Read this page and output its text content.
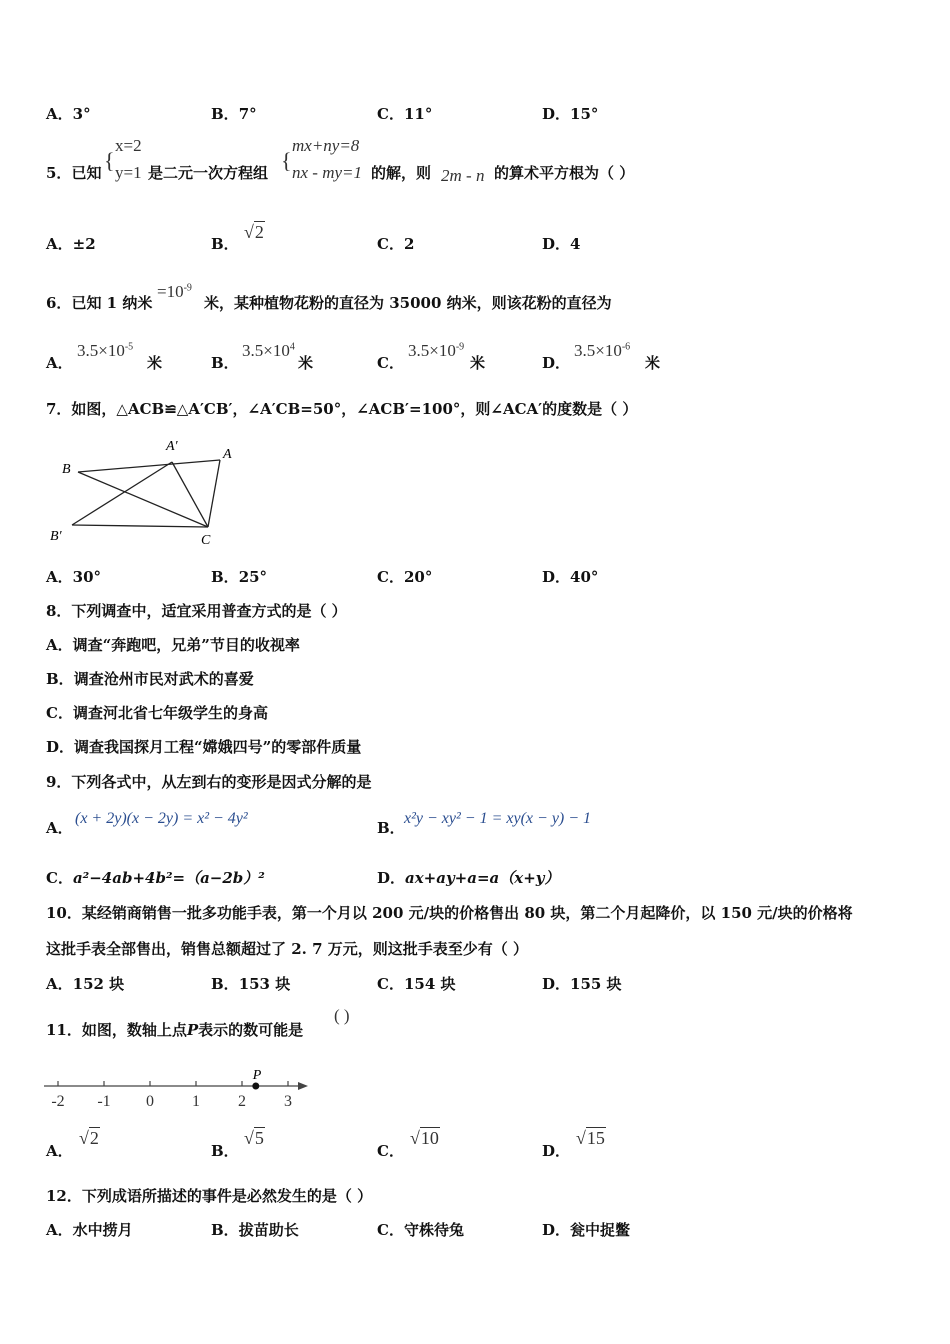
A．3°	B．7°	C．11°	D．15°
5．已知 {
x=2
y=1 是二元一次方程组 {
mx+ny=8
nx - my=1 的解，则 2m - n 的算术平方根为（ ）
A．±2	B．
√2
C．2	D．4
6．已知 1 纳米
$=10^{-9}$
米，某种植物花粉的直径为 35000 纳米，则该花粉的直径为
A．
$3.5\times 10^{-5}$
米	B．
$3.5\times 10^4$
米	C．
$3.5\times 10^{-9}$
米	D．
$3.5\times 10^{-6}$
米
7．如图，△ACB≌△A′CB′，∠A′CB=50°，∠ACB′=100°，则∠ACA′的度数是（ ）
B
A′
A
B′	C
A．30°	B．25°	C．20°	D．40°
8．下列调查中，适宜采用普查方式的是（ ）
A．调查“奔跑吧，兄弟”节目的收视率
B．调查沧州市民对武术的喜爱
C．调查河北省七年级学生的身高
D．调查我国探月工程“嫦娥四号”的零部件质量
9．下列各式中，从左到右的变形是因式分解的是
A．
(x + 2y)(x − 2y) = x² − 4y²
B．
x²y − xy² − 1 = xy(x − y) − 1
C．a²−4ab+4b²=（a−2b）²	D．ax+ay+a=a（x+y）
10．某经销商销售一批多功能手表，第一个月以 200 元/块的价格售出 80 块，第二个月起降价，以 150 元/块的价格将
这批手表全部售出，销售总额超过了 2. 7 万元，则这批手表至少有（ ）
A．152 块	B．153 块	C．154 块	D．155 块
11．如图，数轴上点P表示的数可能是
( )
-2 -1 0 1 2 3
P
A．
√2
B．
√5
C．
√10
D．
√15
12．下列成语所描述的事件是必然发生的是（ ）
A．水中捞月	B．拔苗助长	C．守株待兔	D．瓮中捉鳖
